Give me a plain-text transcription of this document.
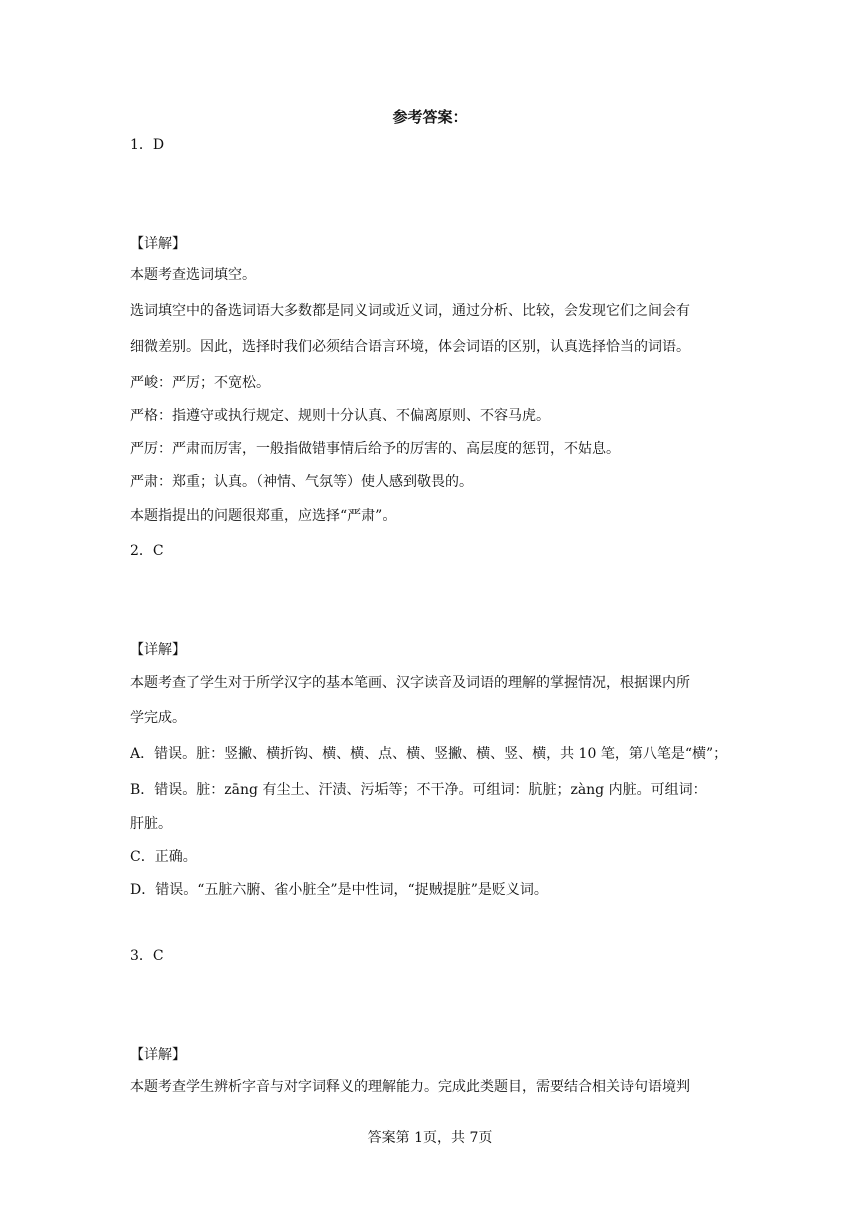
参考答案：
1．D
【详解】
本题考查选词填空。
选词填空中的备选词语大多数都是同义词或近义词，通过分析、比较，会发现它们之间会有
细微差别。因此，选择时我们必须结合语言环境，体会词语的区别，认真选择恰当的词语。
严峻：严厉；不宽松。
严格：指遵守或执行规定、规则十分认真、不偏离原则、不容马虎。
严厉：严肃而厉害，一般指做错事情后给予的厉害的、高层度的惩罚，不姑息。
严肃：郑重；认真。（神情、气氛等）使人感到敬畏的。
本题指提出的问题很郑重，应选择“严肃”。
2．C
【详解】
本题考查了学生对于所学汉字的基本笔画、汉字读音及词语的理解的掌握情况，根据课内所
学完成。
A．错误。脏：竖撇、横折钩、横、横、点、横、竖撇、横、竖、横，共 10 笔，第八笔是“横”；
B．错误。脏：zāng 有尘土、汗渍、污垢等；不干净。可组词：肮脏；zàng 内脏。可组词：
肝脏。
C．正确。
D．错误。“五脏六腑、雀小脏全”是中性词，“捉贼提脏”是贬义词。
3．C
【详解】
本题考查学生辨析字音与对字词释义的理解能力。完成此类题目，需要结合相关诗句语境判
答案第 1页，共 7页
